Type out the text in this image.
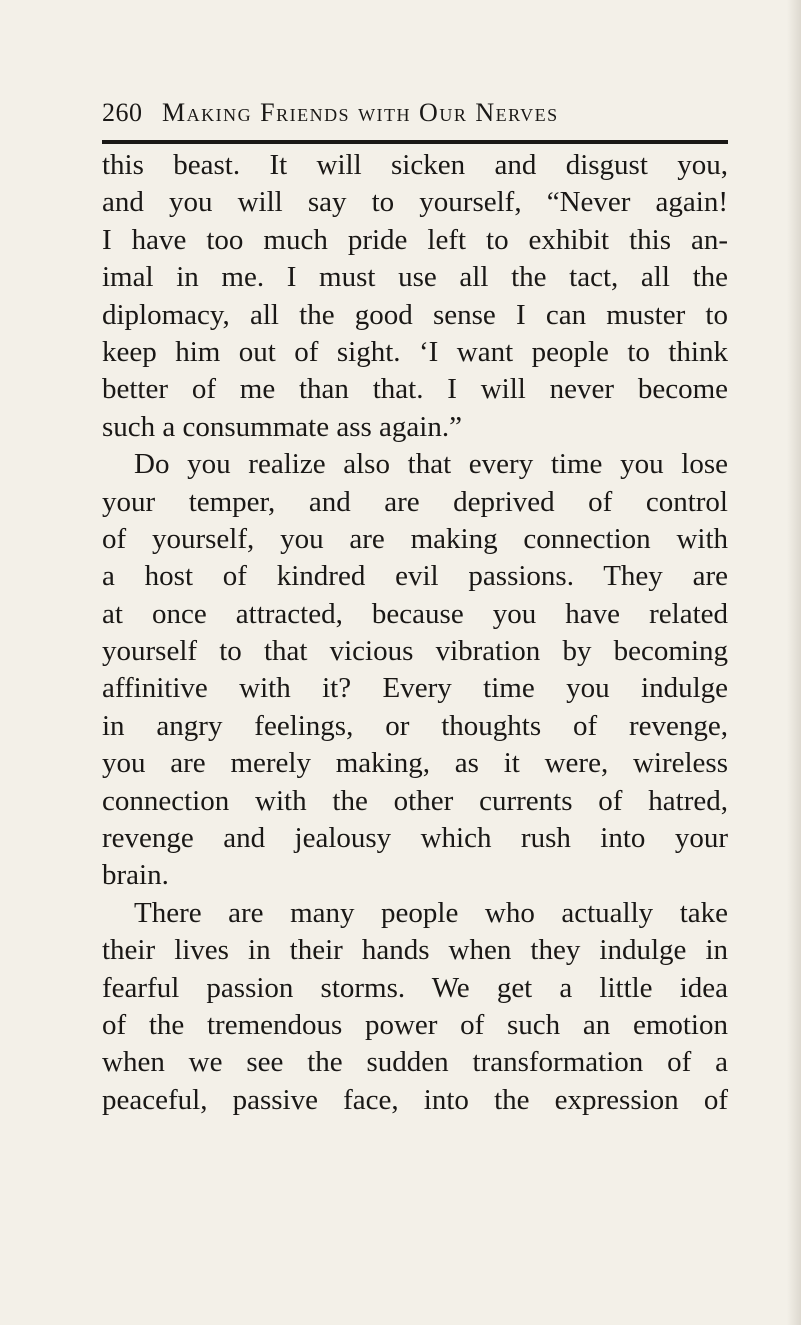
260 Making Friends with Our Nerves
this beast. It will sicken and disgust you,
and you will say to yourself, “Never again!
I have too much pride left to exhibit this an-
imal in me. I must use all the tact, all the
diplomacy, all the good sense I can muster to
keep him out of sight. ‘I want people to think
better of me than that. I will never become
such a consummate ass again.”
Do you realize also that every time you lose
your temper, and are deprived of control
of yourself, you are making connection with
a host of kindred evil passions. They are
at once attracted, because you have related
yourself to that vicious vibration by becoming
affinitive with it? Every time you indulge
in angry feelings, or thoughts of revenge,
you are merely making, as it were, wireless
connection with the other currents of hatred,
revenge and jealousy which rush into your
brain.
There are many people who actually take
their lives in their hands when they indulge in
fearful passion storms. We get a little idea
of the tremendous power of such an emotion
when we see the sudden transformation of a
peaceful, passive face, into the expression of
